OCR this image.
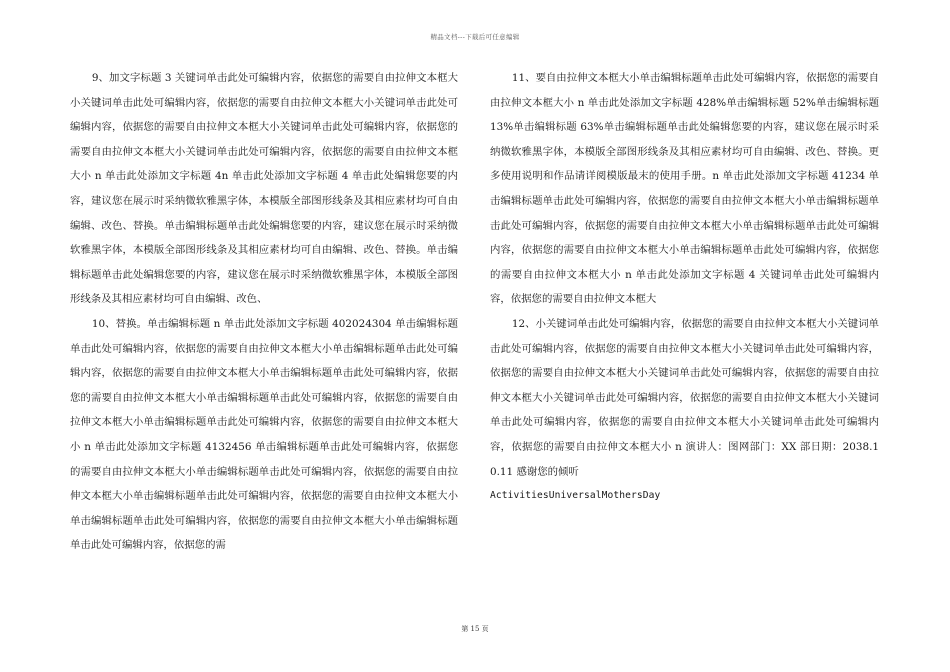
精品文档---下载后可任意编辑

9、加文字标题 3 关键词单击此处可编辑内容，依据您的需要自由拉伸文本框大小关键词单击此处可编辑内容，依据您的需要自由拉伸文本框大小关键词单击此处可编辑内容，依据您的需要自由拉伸文本框大小关键词单击此处可编辑内容，依据您的需要自由拉伸文本框大小关键词单击此处可编辑内容，依据您的需要自由拉伸文本框大小 n 单击此处添加文字标题 4n 单击此处添加文字标题 4 单击此处编辑您要的内容，建议您在展示时采纳微软雅黑字体，本模版全部图形线条及其相应素材均可自由编辑、改色、替换。单击编辑标题单击此处编辑您要的内容，建议您在展示时采纳微软雅黑字体，本模版全部图形线条及其相应素材均可自由编辑、改色、替换。单击编辑标题单击此处编辑您要的内容，建议您在展示时采纳微软雅黑字体，本模版全部图形线条及其相应素材均可自由编辑、改色、

10、替换。单击编辑标题 n 单击此处添加文字标题 402024304 单击编辑标题单击此处可编辑内容，依据您的需要自由拉伸文本框大小单击编辑标题单击此处可编辑内容，依据您的需要自由拉伸文本框大小单击编辑标题单击此处可编辑内容，依据您的需要自由拉伸文本框大小单击编辑标题单击此处可编辑内容，依据您的需要自由拉伸文本框大小单击编辑标题单击此处可编辑内容，依据您的需要自由拉伸文本框大小 n 单击此处添加文字标题 4132456 单击编辑标题单击此处可编辑内容，依据您的需要自由拉伸文本框大小单击编辑标题单击此处可编辑内容，依据您的需要自由拉伸文本框大小单击编辑标题单击此处可编辑内容，依据您的需要自由拉伸文本框大小单击编辑标题单击此处可编辑内容，依据您的需要自由拉伸文本框大小单击编辑标题单击此处可编辑内容，依据您的需

11、要自由拉伸文本框大小单击编辑标题单击此处可编辑内容，依据您的需要自由拉伸文本框大小 n 单击此处添加文字标题 428%单击编辑标题 52%单击编辑标题 13%单击编辑标题 63%单击编辑标题单击此处编辑您要的内容，建议您在展示时采纳微软雅黑字体，本模版全部图形线条及其相应素材均可自由编辑、改色、替换。更多使用说明和作品请详阅模版最末的使用手册。n 单击此处添加文字标题 41234 单击编辑标题单击此处可编辑内容，依据您的需要自由拉伸文本框大小单击编辑标题单击此处可编辑内容，依据您的需要自由拉伸文本框大小单击编辑标题单击此处可编辑内容，依据您的需要自由拉伸文本框大小单击编辑标题单击此处可编辑内容，依据您的需要自由拉伸文本框大小 n 单击此处添加文字标题 4 关键词单击此处可编辑内容，依据您的需要自由拉伸文本框大

12、小关键词单击此处可编辑内容，依据您的需要自由拉伸文本框大小关键词单击此处可编辑内容，依据您的需要自由拉伸文本框大小关键词单击此处可编辑内容，依据您的需要自由拉伸文本框大小关键词单击此处可编辑内容，依据您的需要自由拉伸文本框大小关键词单击此处可编辑内容，依据您的需要自由拉伸文本框大小关键词单击此处可编辑内容，依据您的需要自由拉伸文本框大小关键词单击此处可编辑内容，依据您的需要自由拉伸文本框大小 n 演讲人：图网部门：XX 部日期：2038.10.11 感谢您的倾听

ActivitiesUniversalMothersDay

第 15 页
